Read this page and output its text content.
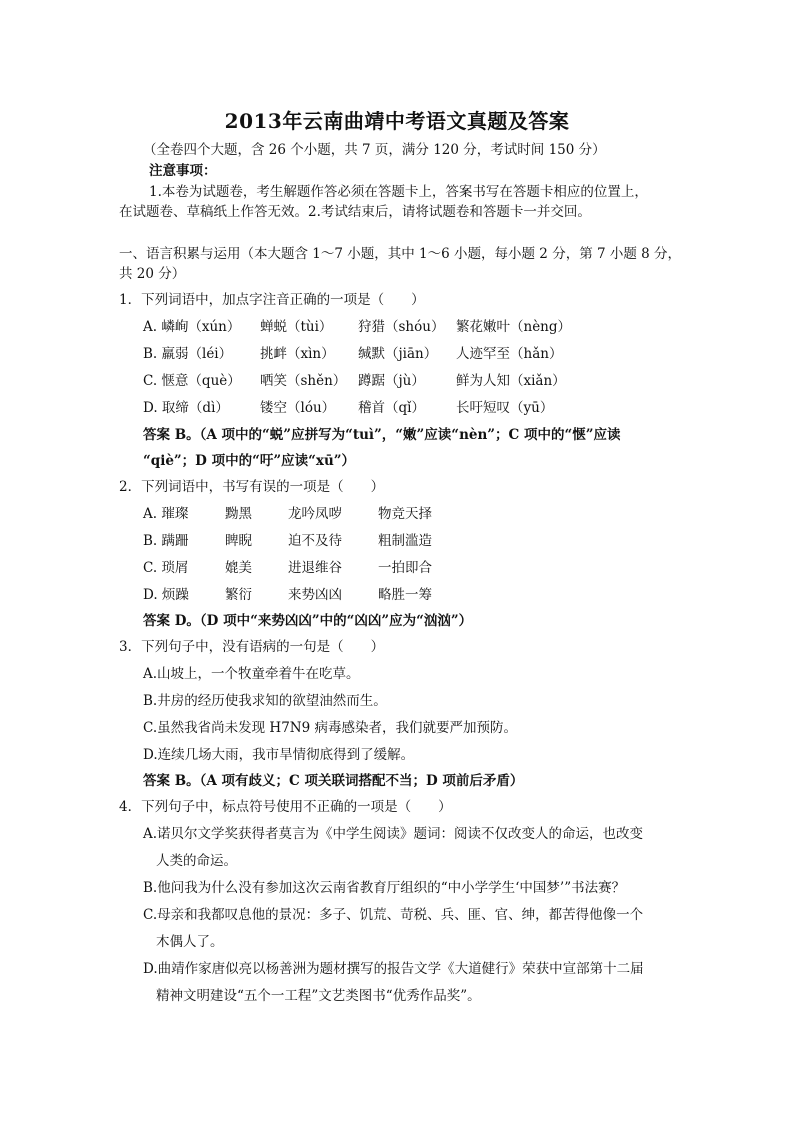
2013年云南曲靖中考语文真题及答案
（全卷四个大题，含 26 个小题，共 7 页，满分 120 分，考试时间 150 分）
注意事项：
1.本卷为试题卷，考生解题作答必须在答题卡上，答案书写在答题卡相应的位置上，
在试题卷、草稿纸上作答无效。2.考试结束后，请将试题卷和答题卡一并交回。
一、语言积累与运用（本大题含 1～7 小题，其中 1～6 小题，每小题 2 分，第 7 小题 8 分，
共 20 分）
1．下列词语中，加点字注音正确的一项是（　　）
A. 嶙峋（xún） 蝉蜕（tùi） 狩猎（shóu） 繁花嫩叶（nèng）
B. 羸弱（léi） 挑衅（xìn） 缄默（jiān） 人迹罕至（hǎn）
C. 惬意（què） 哂笑（shěn） 蹲踞（jù） 鲜为人知（xiǎn）
D. 取缔（dì） 镂空（lóu） 稽首（qǐ） 长吁短叹（yū）
答案 B。（A 项中的“蜕”应拼写为“tuì”，“嫩”应读“nèn”；C 项中的“惬”应读
“qiè”；D 项中的“吁”应读“xū”）
2．下列词语中，书写有误的一项是（　　）
A. 璀璨	黝黑	龙吟凤哕	物竞天择
B. 蹒跚	睥睨	迫不及待	粗制滥造
C. 琐屑	媲美	进退维谷	一拍即合
D. 烦躁	繁衍	来势凶凶	略胜一筹
答案 D。（D 项中“来势凶凶”中的“凶凶”应为“汹汹”）
3．下列句子中，没有语病的一句是（　　）
A.山坡上，一个牧童牵着牛在吃草。
B.井房的经历使我求知的欲望油然而生。
C.虽然我省尚未发现 H7N9 病毒感染者，我们就要严加预防。
D.连续几场大雨，我市旱情彻底得到了缓解。
答案 B。（A 项有歧义；C 项关联词搭配不当；D 项前后矛盾）
4．下列句子中，标点符号使用不正确的一项是（　　）
A.诺贝尔文学奖获得者莫言为《中学生阅读》题词：阅读不仅改变人的命运，也改变
人类的命运。
B.他问我为什么没有参加这次云南省教育厅组织的“中小学学生‘中国梦’”书法赛？
C.母亲和我都叹息他的景况：多子、饥荒、苛税、兵、匪、官、绅，都苦得他像一个
木偶人了。
D.曲靖作家唐似亮以杨善洲为题材撰写的报告文学《大道健行》荣获中宣部第十二届
精神文明建设“五个一工程”文艺类图书“优秀作品奖”。
